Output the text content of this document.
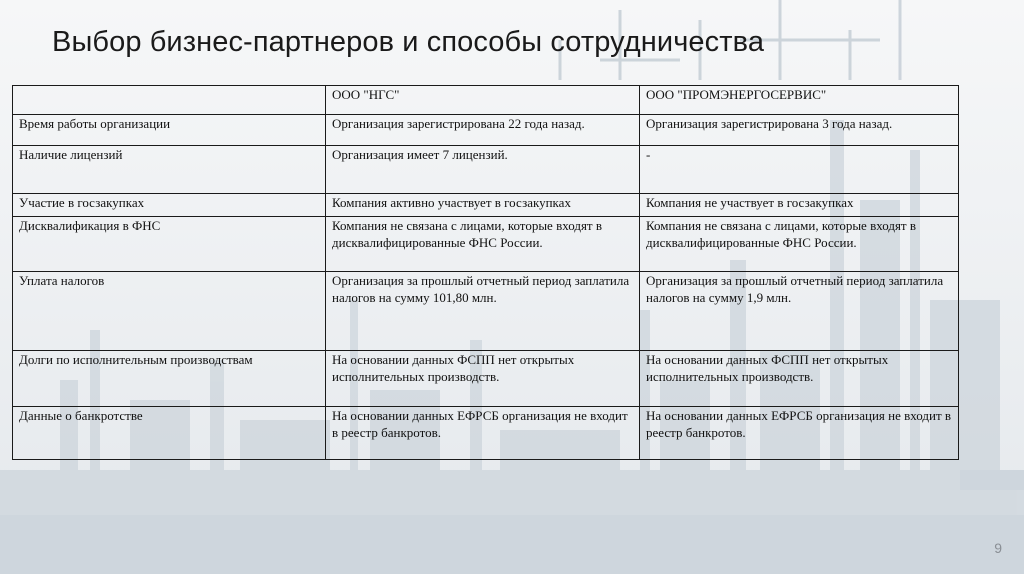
Выбор бизнес-партнеров и способы сотрудничества
	ООО "НГС"	ООО "ПРОМЭНЕРГОСЕРВИС"
Время работы организации	Организация зарегистрирована 22 года назад.	Организация зарегистрирована 3 года назад.
Наличие лицензий	Организация имеет 7 лицензий.	-
Участие в госзакупках	Компания активно участвует в госзакупках	Компания не участвует в госзакупках
Дисквалификация в ФНС	Компания не связана с лицами, которые входят в дисквалифицированные ФНС России.	Компания не связана с лицами, которые входят в дисквалифицированные ФНС России.
Уплата налогов	Организация за прошлый отчетный период заплатила налогов на сумму 101,80 млн.	Организация за прошлый отчетный период заплатила налогов на сумму 1,9 млн.
Долги по исполнительным производствам	На основании данных ФСПП нет открытых исполнительных производств.	На основании данных ФСПП нет открытых исполнительных производств.
Данные о банкротстве	На основании данных ЕФРСБ организация не входит в реестр банкротов.	На основании данных ЕФРСБ организация не входит в реестр банкротов.
9
